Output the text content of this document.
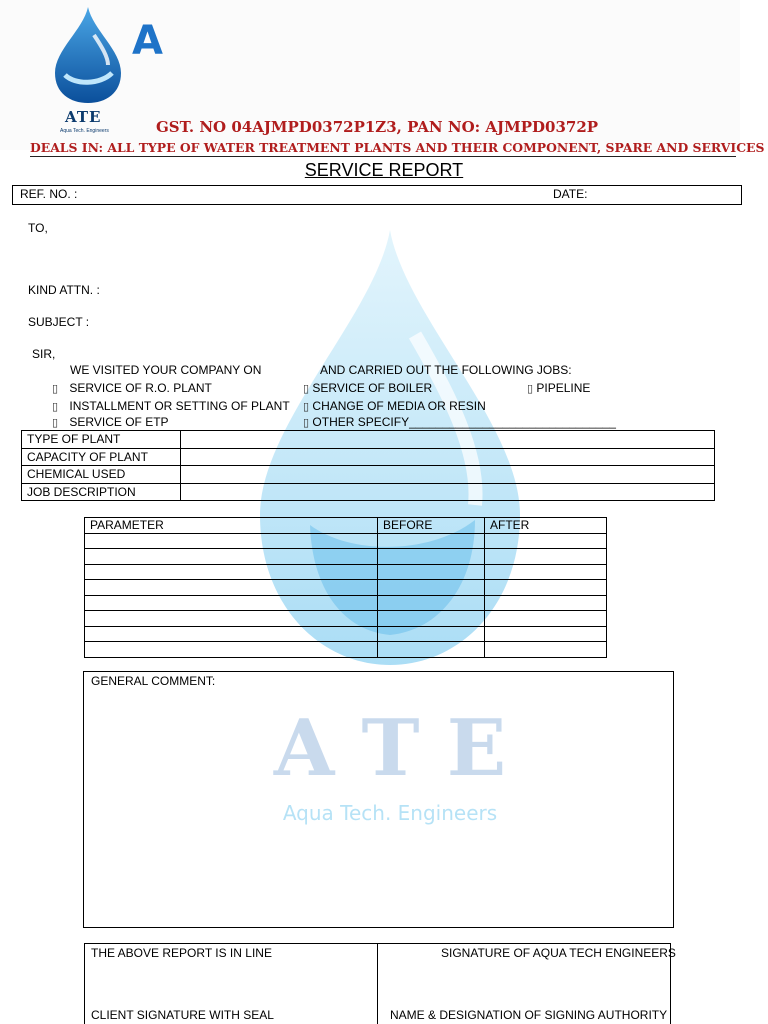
A T E
Aqua Tech. Engineers
A
ATE
Aqua Tech. Engineers	GST. NO 04AJMPD0372P1Z3, PAN NO: AJMPD0372P
DEALS IN: ALL TYPE OF WATER TREATMENT PLANTS AND THEIR COMPONENT, SPARE AND SERVICES
SERVICE REPORT
REF. NO. :	DATE:
TO,
KIND ATTN. :
SUBJECT :
SIR,
WE VISITED YOUR COMPANY ON	AND CARRIED OUT THE FOLLOWING JOBS:
▯ SERVICE OF R.O. PLANT	▯ SERVICE OF BOILER	▯ PIPELINE
▯ INSTALLMENT OR SETTING OF PLANT ▯ CHANGE OF MEDIA OR RESIN
▯ SERVICE OF ETP	▯ OTHER SPECIFY_______________________________
TYPE OF PLANT	
CAPACITY OF PLANT	
CHEMICAL USED	
JOB DESCRIPTION	
PARAMETER	BEFORE	AFTER

GENERAL COMMENT:
THE ABOVE REPORT IS IN LINE	SIGNATURE OF AQUA TECH ENGINEERS
CLIENT SIGNATURE WITH SEAL	NAME & DESIGNATION OF SIGNING AUTHORITY
